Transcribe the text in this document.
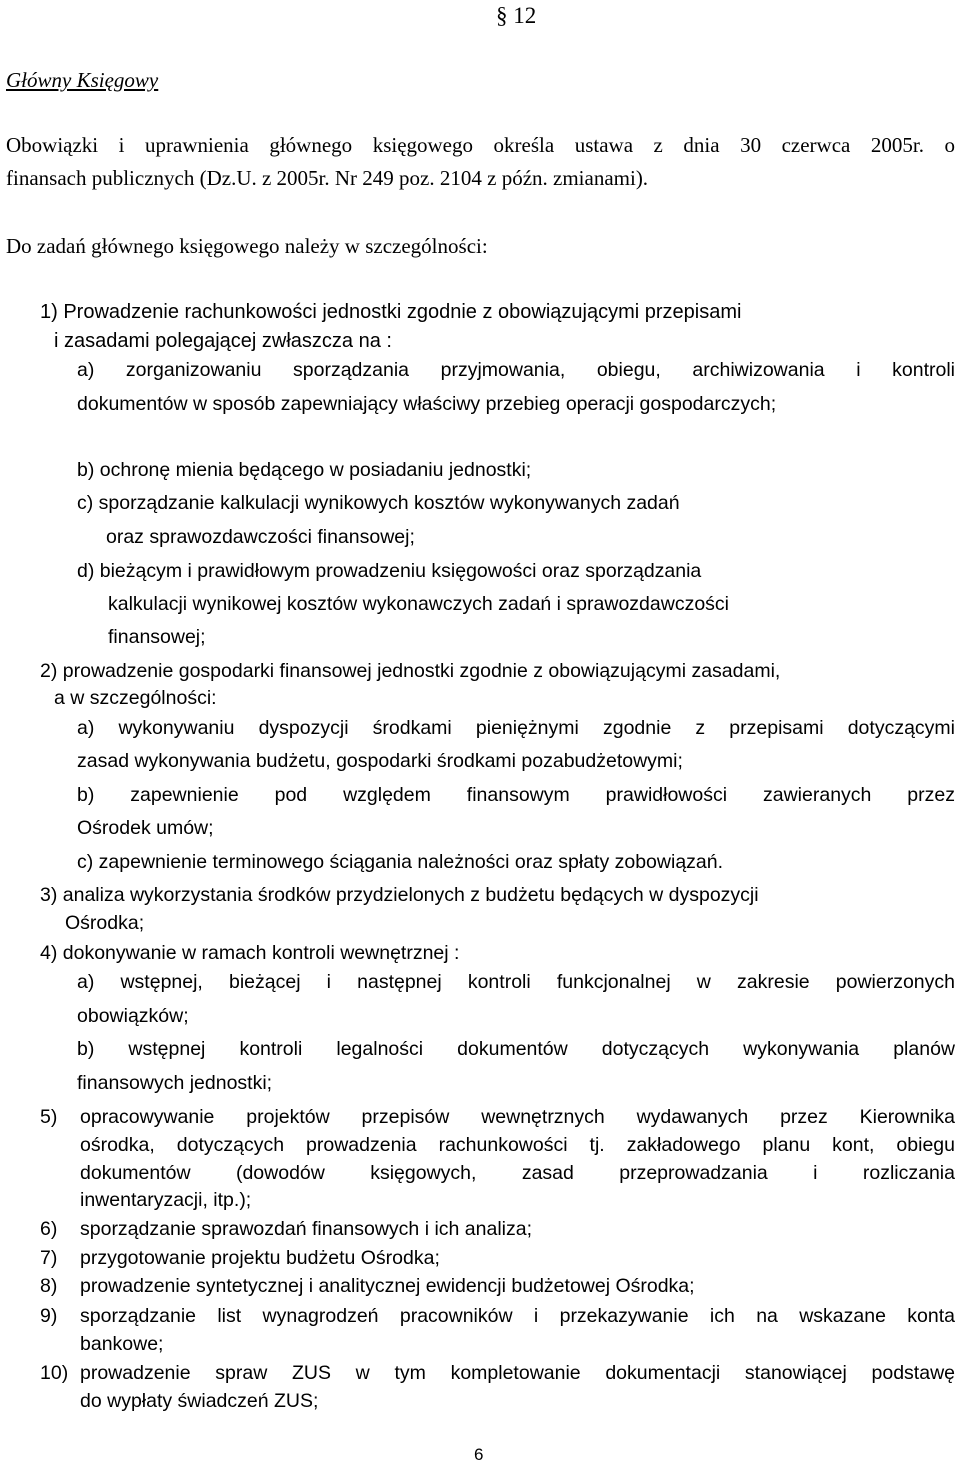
§ 12
Główny Księgowy
Obowiązki i uprawnienia głównego księgowego określa ustawa z dnia 30 czerwca 2005r. o
finansach publicznych (Dz.U. z 2005r. Nr 249 poz. 2104 z późn. zmianami).
Do zadań głównego księgowego należy w szczególności:
1) Prowadzenie rachunkowości jednostki zgodnie z obowiązującymi przepisami
i zasadami polegającej zwłaszcza na :
a) zorganizowaniu sporządzania przyjmowania, obiegu, archiwizowania i kontroli
dokumentów w sposób zapewniający właściwy przebieg operacji gospodarczych;
b) ochronę mienia będącego w posiadaniu jednostki;
c) sporządzanie kalkulacji wynikowych kosztów wykonywanych zadań
oraz sprawozdawczości finansowej;
d) bieżącym i prawidłowym prowadzeniu księgowości oraz sporządzania
kalkulacji wynikowej kosztów wykonawczych zadań i sprawozdawczości
finansowej;
2) prowadzenie gospodarki finansowej jednostki zgodnie z obowiązującymi zasadami,
a w szczególności:
a) wykonywaniu dyspozycji środkami pieniężnymi zgodnie z przepisami dotyczącymi
zasad wykonywania budżetu, gospodarki środkami pozabudżetowymi;
b) zapewnienie pod względem finansowym prawidłowości zawieranych przez
Ośrodek umów;
c) zapewnienie terminowego ściągania należności oraz spłaty zobowiązań.
3) analiza wykorzystania środków przydzielonych z budżetu będących w dyspozycji
Ośrodka;
4) dokonywanie w ramach kontroli wewnętrznej :
a) wstępnej, bieżącej i następnej kontroli funkcjonalnej w zakresie powierzonych
obowiązków;
b) wstępnej kontroli legalności dokumentów dotyczących wykonywania planów
finansowych jednostki;
5) opracowywanie projektów przepisów wewnętrznych wydawanych przez Kierownika
ośrodka, dotyczących prowadzenia rachunkowości tj. zakładowego planu kont, obiegu
dokumentów (dowodów księgowych, zasad przeprowadzania i rozliczania
inwentaryzacji, itp.);
6) sporządzanie sprawozdań finansowych i ich analiza;
7) przygotowanie projektu budżetu Ośrodka;
8) prowadzenie syntetycznej i analitycznej ewidencji budżetowej Ośrodka;
9) sporządzanie list wynagrodzeń pracowników i przekazywanie ich na wskazane konta
bankowe;
10) prowadzenie spraw ZUS w tym kompletowanie dokumentacji stanowiącej podstawę
do wypłaty świadczeń ZUS;
6
